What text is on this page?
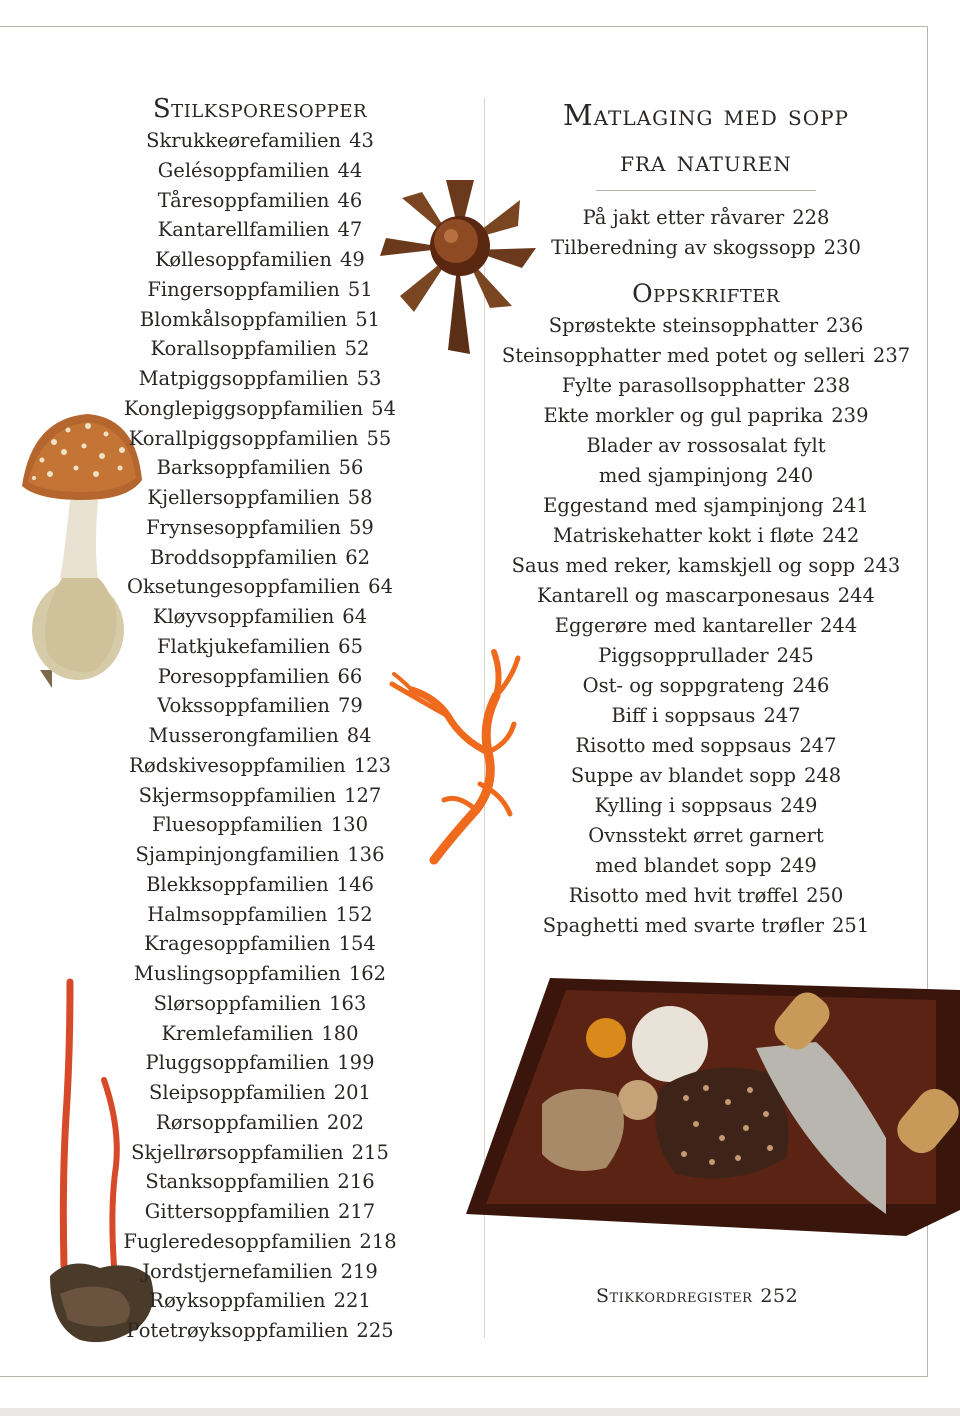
Stilksporesopper
Skrukkeørefamilien 43
Gelésoppfamilien 44
Tåresoppfamilien 46
Kantarellfamilien 47
Køllesoppfamilien 49
Fingersoppfamilien 51
Blomkålsoppfamilien 51
Korallsoppfamilien 52
Matpiggsoppfamilien 53
Konglepiggsoppfamilien 54
Korallpiggsoppfamilien 55
Barksoppfamilien 56
Kjellersoppfamilien 58
Frynsesoppfamilien 59
Broddsoppfamilien 62
Oksetungesoppfamilien 64
Kløyvsoppfamilien 64
Flatkjukefamilien 65
Poresoppfamilien 66
Vokssoppfamilien 79
Musserongfamilien 84
Rødskivesoppfamilien 123
Skjermsoppfamilien 127
Fluesoppfamilien 130
Sjampinjongfamilien 136
Blekksoppfamilien 146
Halmsoppfamilien 152
Kragesoppfamilien 154
Muslingsoppfamilien 162
Slørsoppfamilien 163
Kremlefamilien 180
Pluggsoppfamilien 199
Sleipsoppfamilien 201
Rørsoppfamilien 202
Skjellrørsoppfamilien 215
Stanksoppfamilien 216
Gittersoppfamilien 217
Fugleredesoppfamilien 218
Jordstjernefamilien 219
Røyksoppfamilien 221
Potetrøyksoppfamilien 225
Matlaging med sopp
fra naturen
På jakt etter råvarer 228
Tilberedning av skogssopp 230
Oppskrifter
Sprøstekte steinsopphatter 236
Steinsopphatter med potet og selleri 237
Fylte parasollsopphatter 238
Ekte morkler og gul paprika 239
Blader av rossosalat fylt
med sjampinjong 240
Eggestand med sjampinjong 241
Matriskehatter kokt i fløte 242
Saus med reker, kamskjell og sopp 243
Kantarell og mascarponesaus 244
Eggerøre med kantareller 244
Piggsopprullader 245
Ost- og soppgrateng 246
Biff i soppsaus 247
Risotto med soppsaus 247
Suppe av blandet sopp 248
Kylling i soppsaus 249
Ovnsstekt ørret garnert
med blandet sopp 249
Risotto med hvit trøffel 250
Spaghetti med svarte trøfler 251
Stikkordregister 252
